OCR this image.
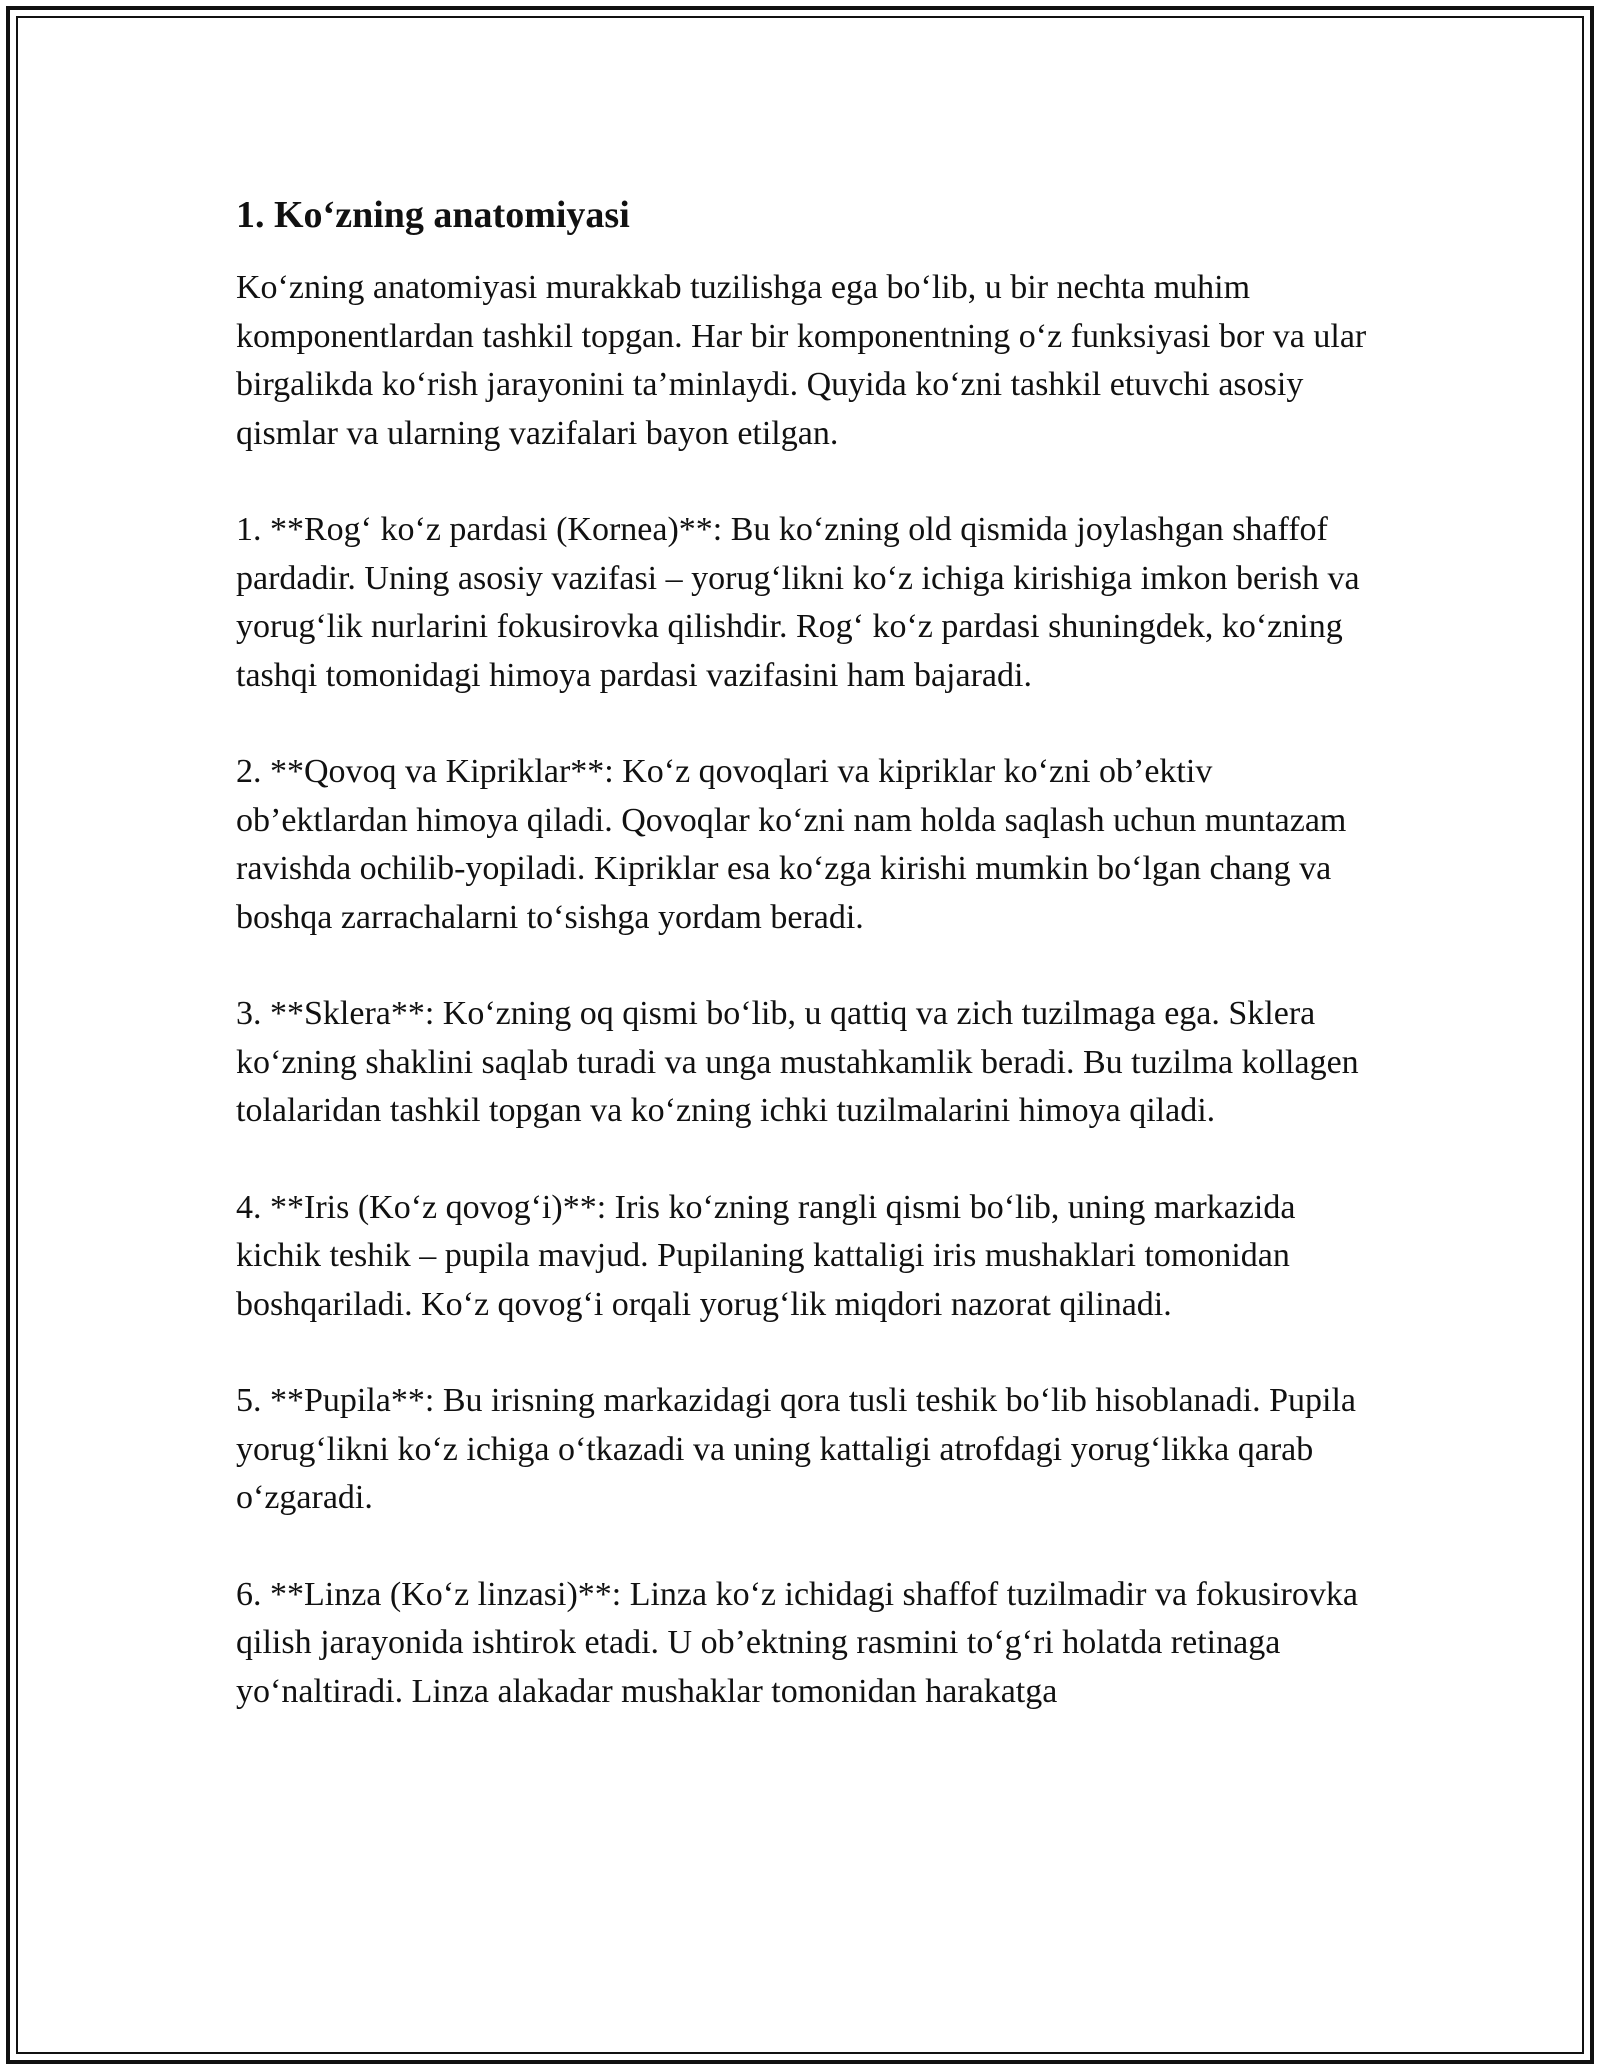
1. Ko‘zning anatomiyasi

Ko‘zning anatomiyasi murakkab tuzilishga ega bo‘lib, u bir nechta muhim komponentlardan tashkil topgan. Har bir komponentning o‘z funksiyasi bor va ular birgalikda ko‘rish jarayonini ta’minlaydi. Quyida ko‘zni tashkil etuvchi asosiy qismlar va ularning vazifalari bayon etilgan.

1. **Rog‘ ko‘z pardasi (Kornea)**: Bu ko‘zning old qismida joylashgan shaffof pardadir. Uning asosiy vazifasi – yorug‘likni ko‘z ichiga kirishiga imkon berish va yorug‘lik nurlarini fokusirovka qilishdir. Rog‘ ko‘z pardasi shuningdek, ko‘zning tashqi tomonidagi himoya pardasi vazifasini ham bajaradi.

2. **Qovoq va Kipriklar**: Ko‘z qovoqlari va kipriklar ko‘zni ob’ektiv ob’ektlardan himoya qiladi. Qovoqlar ko‘zni nam holda saqlash uchun muntazam ravishda ochilib-yopiladi. Kipriklar esa ko‘zga kirishi mumkin bo‘lgan chang va boshqa zarrachalarni to‘sishga yordam beradi.

3. **Sklera**: Ko‘zning oq qismi bo‘lib, u qattiq va zich tuzilmaga ega. Sklera ko‘zning shaklini saqlab turadi va unga mustahkamlik beradi. Bu tuzilma kollagen tolalaridan tashkil topgan va ko‘zning ichki tuzilmalarini himoya qiladi.

4. **Iris (Ko‘z qovog‘i)**: Iris ko‘zning rangli qismi bo‘lib, uning markazida kichik teshik – pupila mavjud. Pupilaning kattaligi iris mushaklari tomonidan boshqariladi. Ko‘z qovog‘i orqali yorug‘lik miqdori nazorat qilinadi.

5. **Pupila**: Bu irisning markazidagi qora tusli teshik bo‘lib hisoblanadi. Pupila yorug‘likni ko‘z ichiga o‘tkazadi va uning kattaligi atrofdagi yorug‘likka qarab o‘zgaradi.

6. **Linza (Ko‘z linzasi)**: Linza ko‘z ichidagi shaffof tuzilmadir va fokusirovka qilish jarayonida ishtirok etadi. U ob’ektning rasmini to‘g‘ri holatda retinaga yo‘naltiradi. Linza alakadar mushaklar tomonidan harakatga
